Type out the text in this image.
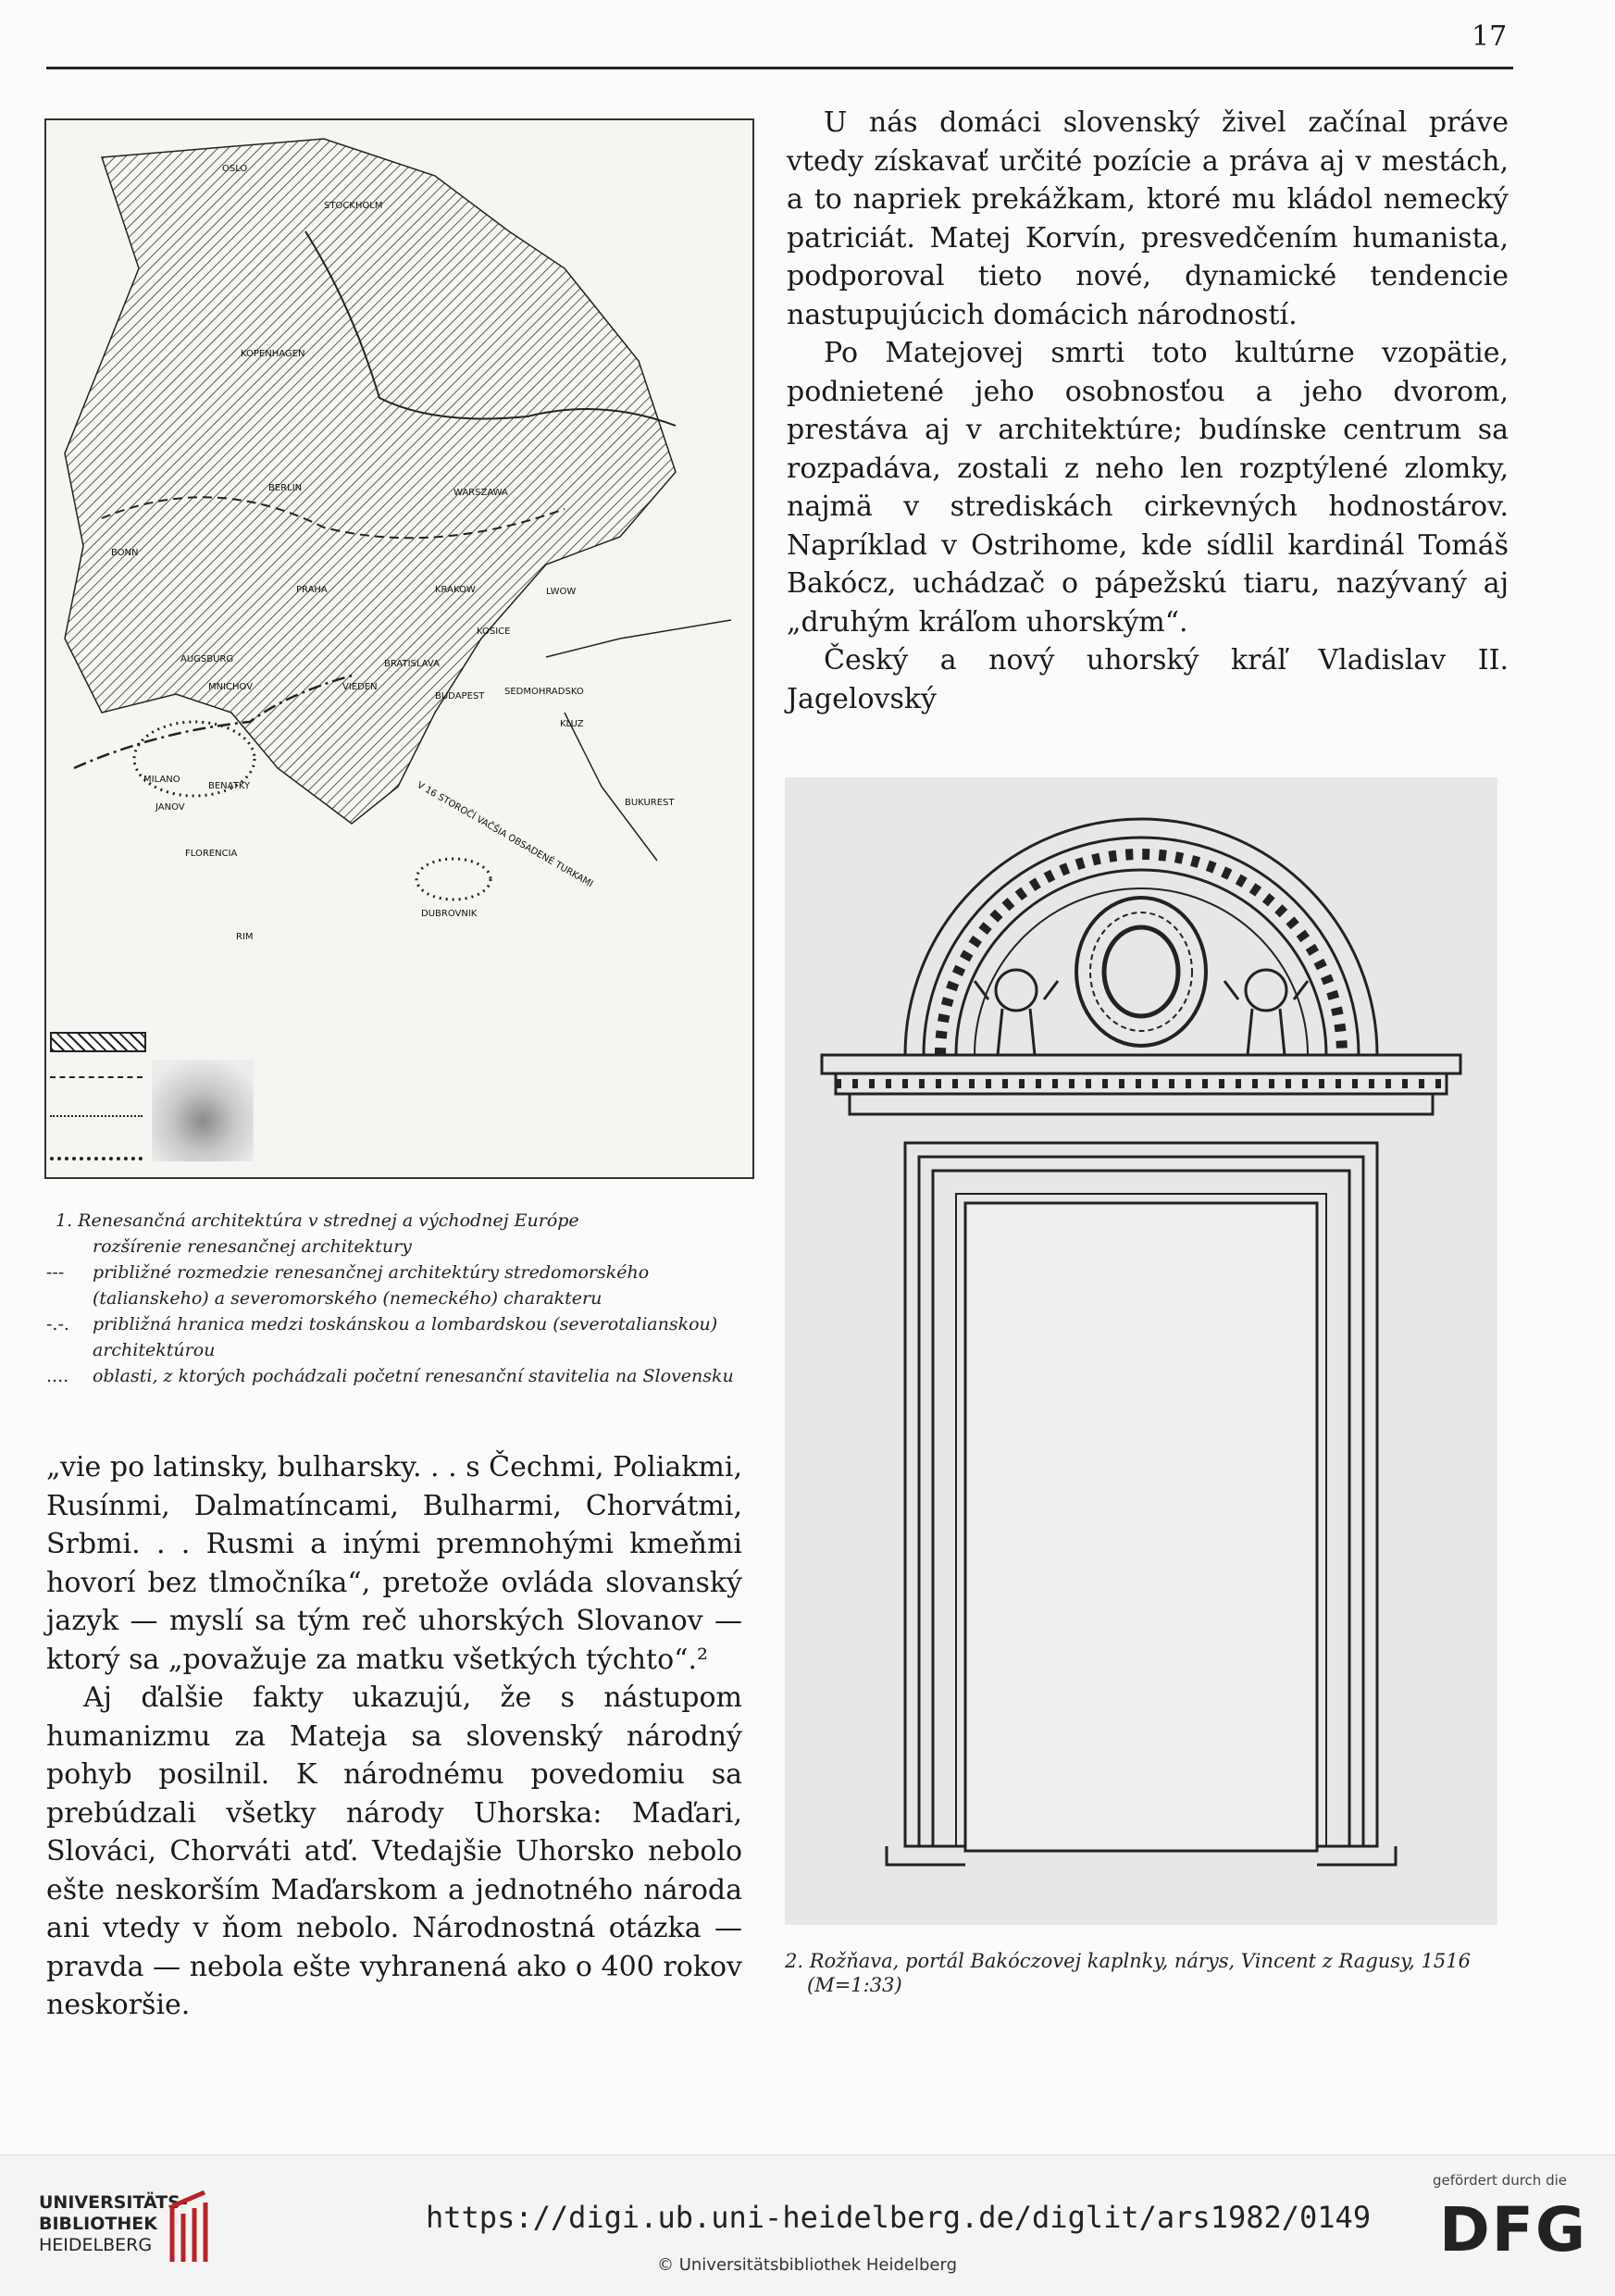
17
OSLO
STOCKHOLM
KOPENHAGEN
BERLIN	WARSZAWA
BONN
PRAHA	KRAKOW	LWOW
KOSICE
AUGSBURG	BRATISLAVA
MNICHOV	VIEDEN	SEDMOHRADSKO
BUDAPEST
KLUZ
MILANO
BENATKY
JANOV
FLORENCIA
BUKUREST
RIM
DUBROVNIK
V 16 STOROČÍ VAČŠIA OBSADENÉ TURKAMI
1. Renesančná architektúra v strednej a východnej Európe
rozšírenie renesančnej architektury
---	približné rozmedzie renesančnej architektúry stredomorského (talianskeho) a severomorského (nemeckého) charakteru
-.-.	približná hranica medzi toskánskou a lombardskou (severotalianskou) architektúrou
....	oblasti, z ktorých pochádzali početní renesanční stavitelia na Slovensku

U nás domáci slovenský živel začínal práve vtedy získavať určité pozície a práva aj v mestách, a to napriek prekážkam, ktoré mu kládol nemecký patriciát. Matej Korvín, presvedčením humanista, podporoval tieto nové, dynamické tendencie nastupujúcich domácich národností.

Po Matejovej smrti toto kultúrne vzopätie, podnietené jeho osobnosťou a jeho dvorom, prestáva aj v architektúre; budínske centrum sa rozpadáva, zostali z neho len rozptýlené zlomky, najmä v strediskách cirkevných hodnostárov. Napríklad v Ostrihome, kde sídlil kardinál Tomáš Bakócz, uchádzač o pápežskú tiaru, nazývaný aj „druhým kráľom uhorským“.

Český a nový uhorský kráľ Vladislav II. Jagelovský

„vie po latinsky, bulharsky. . . s Čechmi, Poliakmi, Rusínmi, Dalmatíncami, Bulharmi, Chorvátmi, Srbmi. . . Rusmi a inými premnohými kmeňmi hovorí bez tlmočníka“, pretože ovláda slovanský jazyk — myslí sa tým reč uhorských Slovanov — ktorý sa „považuje za matku všetkých týchto“.²

Aj ďalšie fakty ukazujú, že s nástupom humanizmu za Mateja sa slovenský národný pohyb posilnil. K národnému povedomiu sa prebúdzali všetky národy Uhorska: Maďari, Slováci, Chorváti atď. Vtedajšie Uhorsko nebolo ešte neskorším Maďarskom a jednotného národa ani vtedy v ňom nebolo. Národnostná otázka — pravda — nebola ešte vyhranená ako o 400 rokov neskoršie.

2. Rožňava, portál Bakóczovej kaplnky, nárys, Vincent z Ragusy, 1516
(M=1:33)
UNIVERSITÄTS-
BIBLIOTHEK
HEIDELBERG
https://digi.ub.uni-heidelberg.de/diglit/ars1982/0149
© Universitätsbibliothek Heidelberg
gefördert durch die
DFG
